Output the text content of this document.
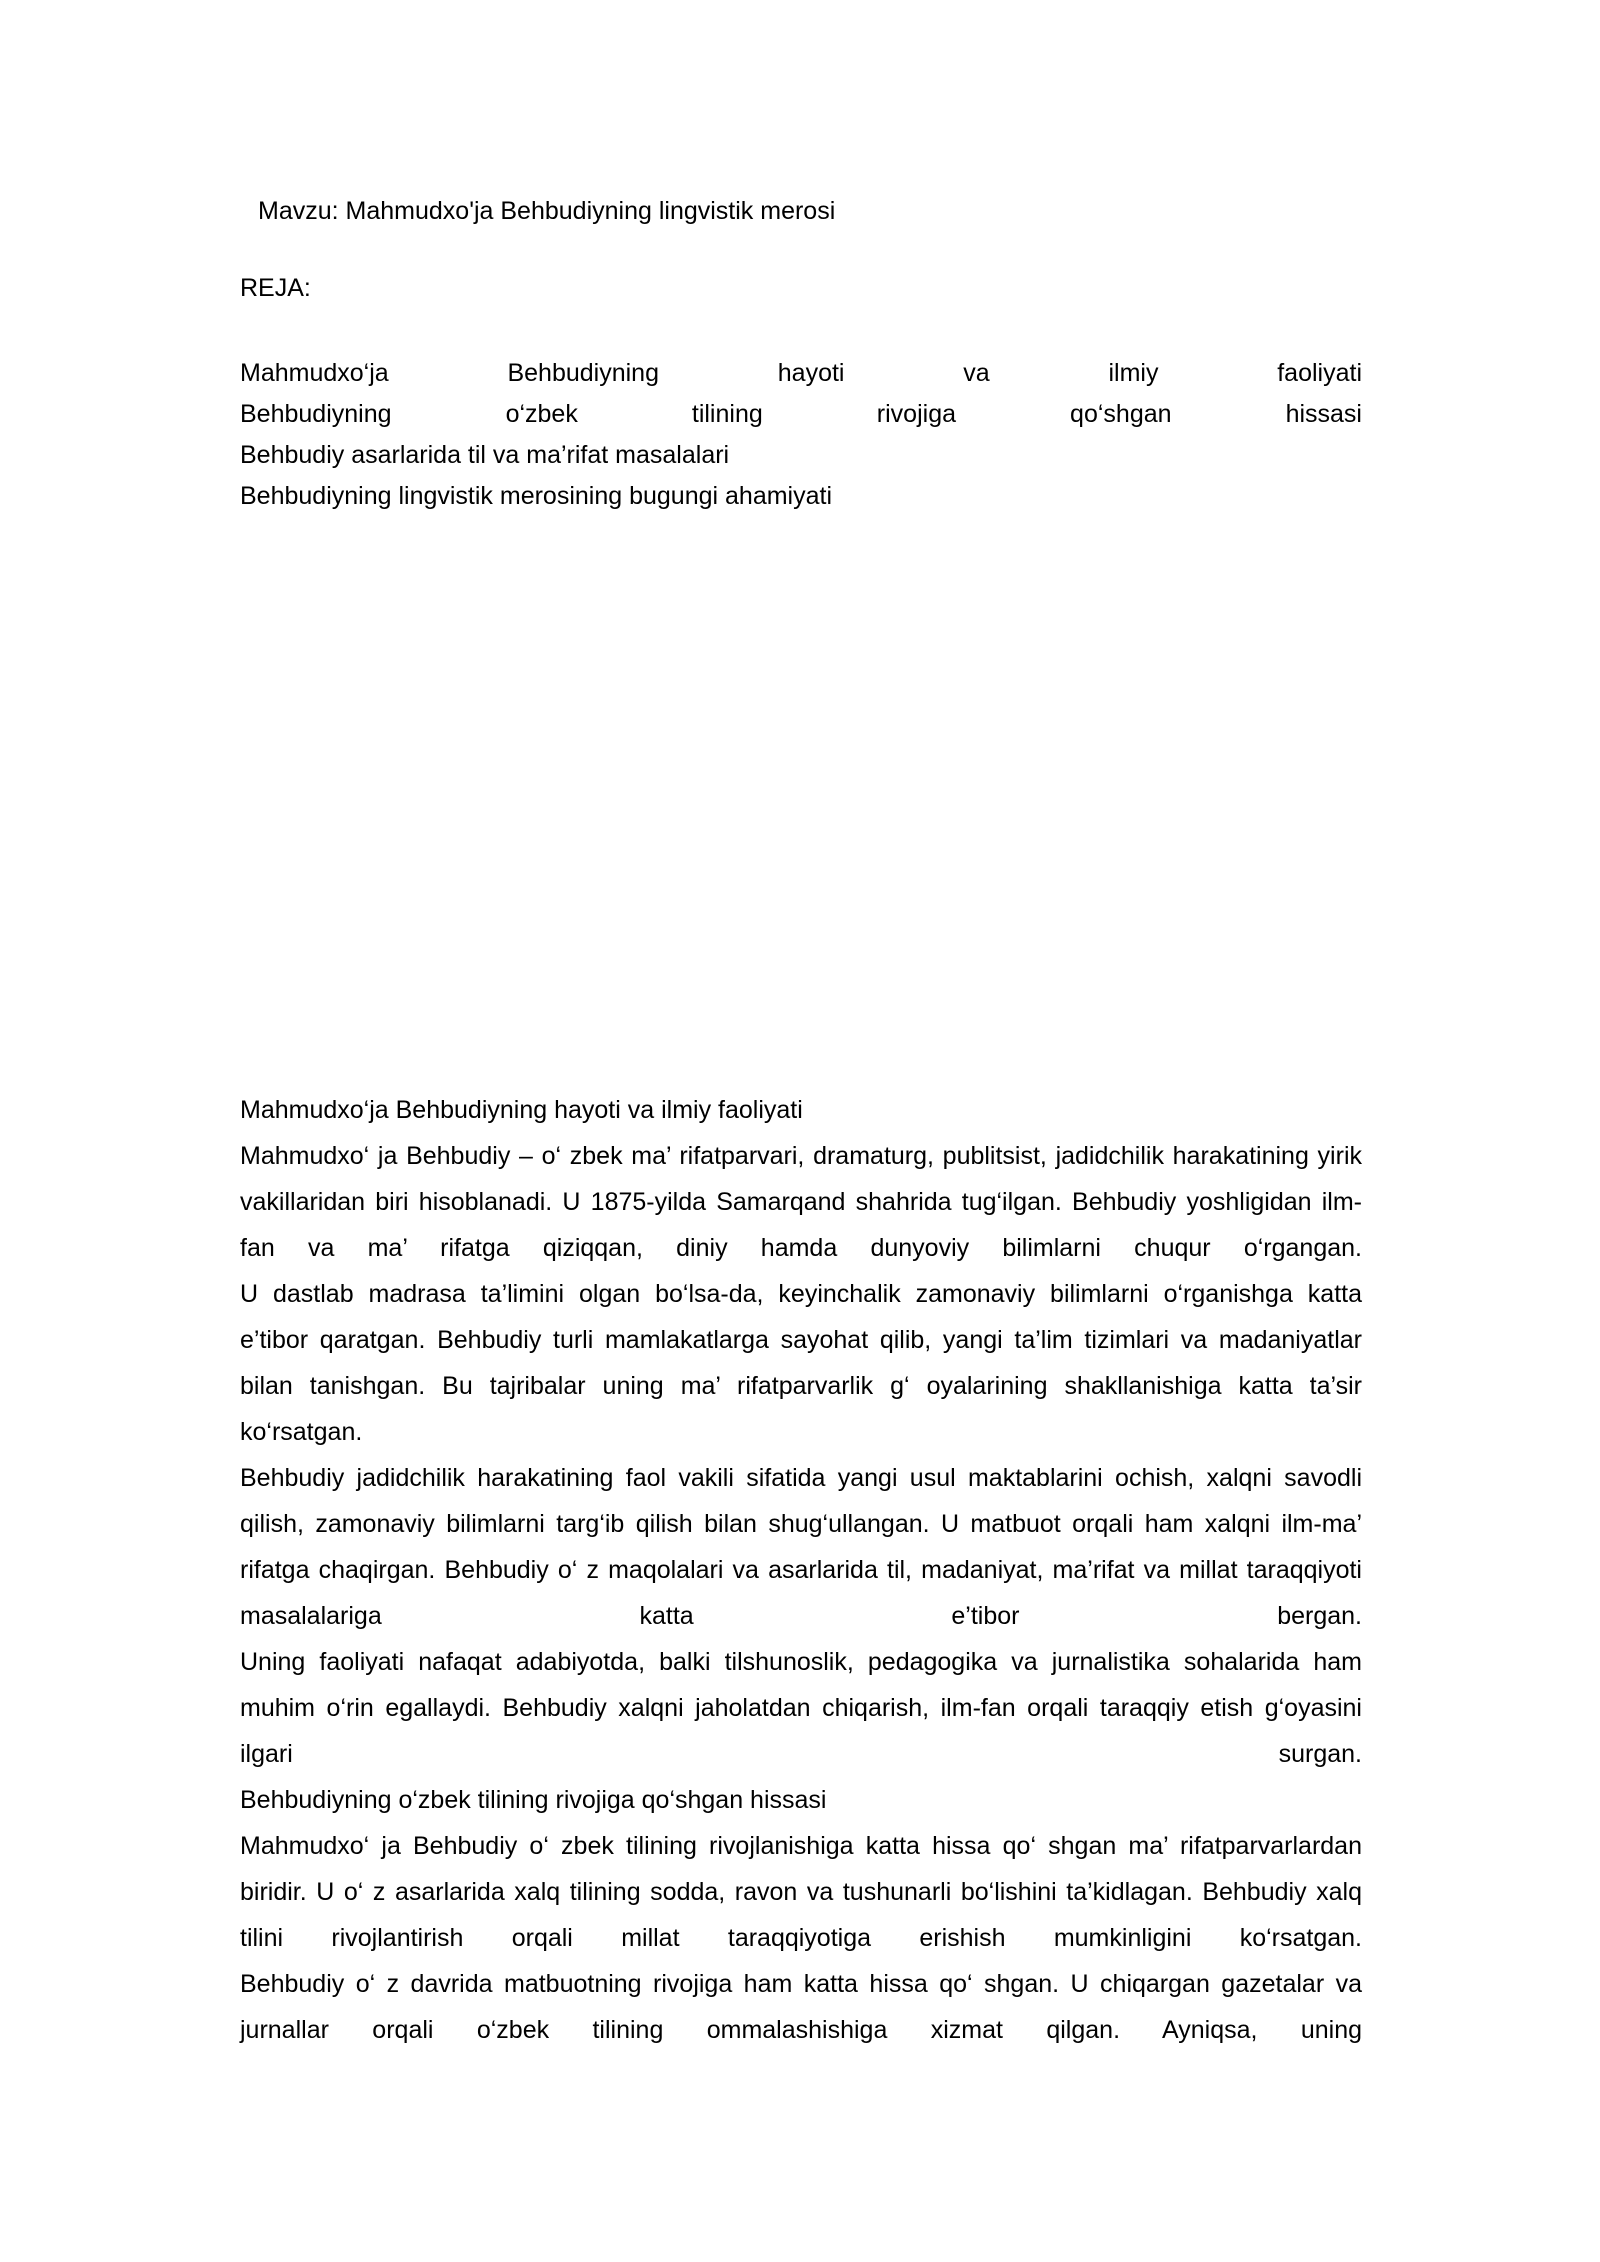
Mavzu: Mahmudxo'ja Behbudiyning lingvistik merosi
REJA:
Mahmudxo‘ja Behbudiyning hayoti va ilmiy faoliyati
Behbudiyning o‘zbek tilining rivojiga qo‘shgan hissasi
Behbudiy asarlarida til va ma’rifat masalalari
Behbudiyning lingvistik merosining bugungi ahamiyati
Mahmudxo‘ja Behbudiyning hayoti va ilmiy faoliyati
Mahmudxo‘ ja Behbudiy – o‘ zbek ma’ rifatparvari, dramaturg, publitsist, jadidchilik harakatining yirik vakillaridan biri hisoblanadi. U 1875-yilda Samarqand shahrida tug‘ilgan. Behbudiy yoshligidan ilm-fan va ma’ rifatga qiziqqan, diniy hamda dunyoviy bilimlarni chuqur o‘rgangan.
U dastlab madrasa ta’limini olgan bo‘lsa-da, keyinchalik zamonaviy bilimlarni o‘rganishga katta e’tibor qaratgan. Behbudiy turli mamlakatlarga sayohat qilib, yangi ta’lim tizimlari va madaniyatlar bilan tanishgan. Bu tajribalar uning ma’ rifatparvarlik g‘ oyalarining shakllanishiga katta ta’sir ko‘rsatgan.
Behbudiy jadidchilik harakatining faol vakili sifatida yangi usul maktablarini ochish, xalqni savodli qilish, zamonaviy bilimlarni targ‘ib qilish bilan shug‘ullangan. U matbuot orqali ham xalqni ilm-ma’ rifatga chaqirgan. Behbudiy o‘ z maqolalari va asarlarida til, madaniyat, ma’rifat va millat taraqqiyoti masalalariga katta e’tibor bergan.
Uning faoliyati nafaqat adabiyotda, balki tilshunoslik, pedagogika va jurnalistika sohalarida ham muhim o‘rin egallaydi. Behbudiy xalqni jaholatdan chiqarish, ilm-fan orqali taraqqiy etish g‘oyasini ilgari surgan.
Behbudiyning o‘zbek tilining rivojiga qo‘shgan hissasi
Mahmudxo‘ ja Behbudiy o‘ zbek tilining rivojlanishiga katta hissa qo‘ shgan ma’ rifatparvarlardan biridir. U o‘ z asarlarida xalq tilining sodda, ravon va tushunarli bo‘lishini ta’kidlagan. Behbudiy xalq tilini rivojlantirish orqali millat taraqqiyotiga erishish mumkinligini ko‘rsatgan.
Behbudiy o‘ z davrida matbuotning rivojiga ham katta hissa qo‘ shgan. U chiqargan gazetalar va jurnallar orqali o‘zbek tilining ommalashishiga xizmat qilgan. Ayniqsa, uning
